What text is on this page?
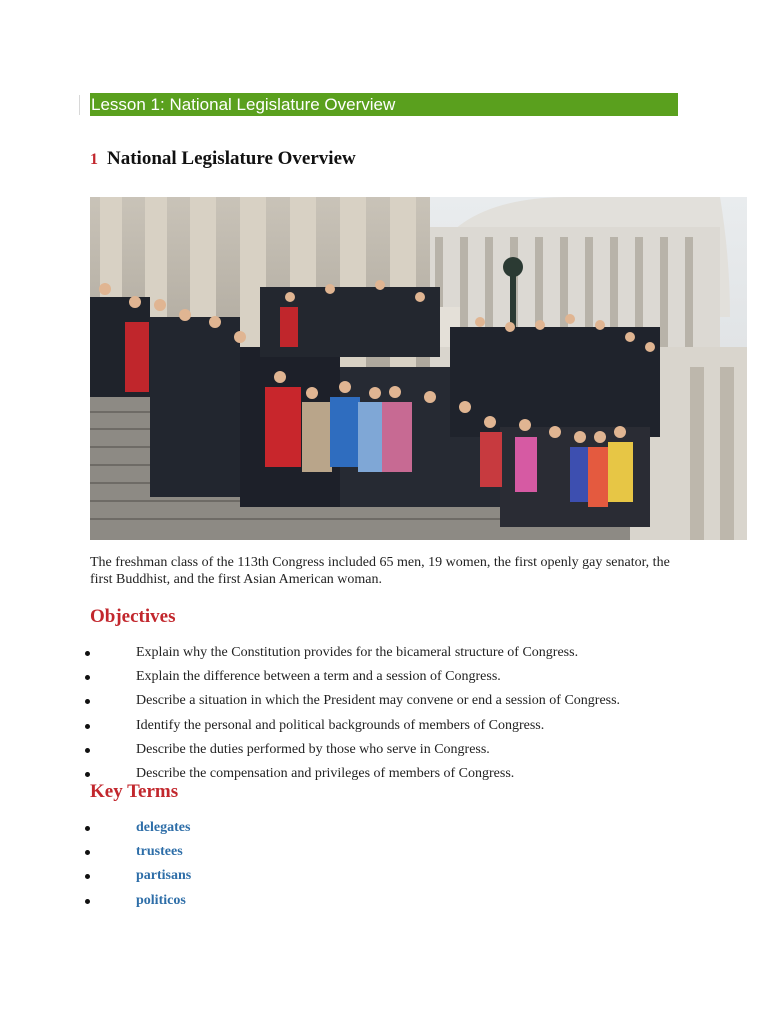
Lesson 1: National Legislature Overview
1 National Legislature Overview
The freshman class of the 113th Congress included 65 men, 19 women, the first openly gay senator, the first Buddhist, and the first Asian American woman.
Objectives
Explain why the Constitution provides for the bicameral structure of Congress.
Explain the difference between a term and a session of Congress.
Describe a situation in which the President may convene or end a session of Congress.
Identify the personal and political backgrounds of members of Congress.
Describe the duties performed by those who serve in Congress.
Describe the compensation and privileges of members of Congress.
Key Terms
delegates
trustees
partisans
politicos
